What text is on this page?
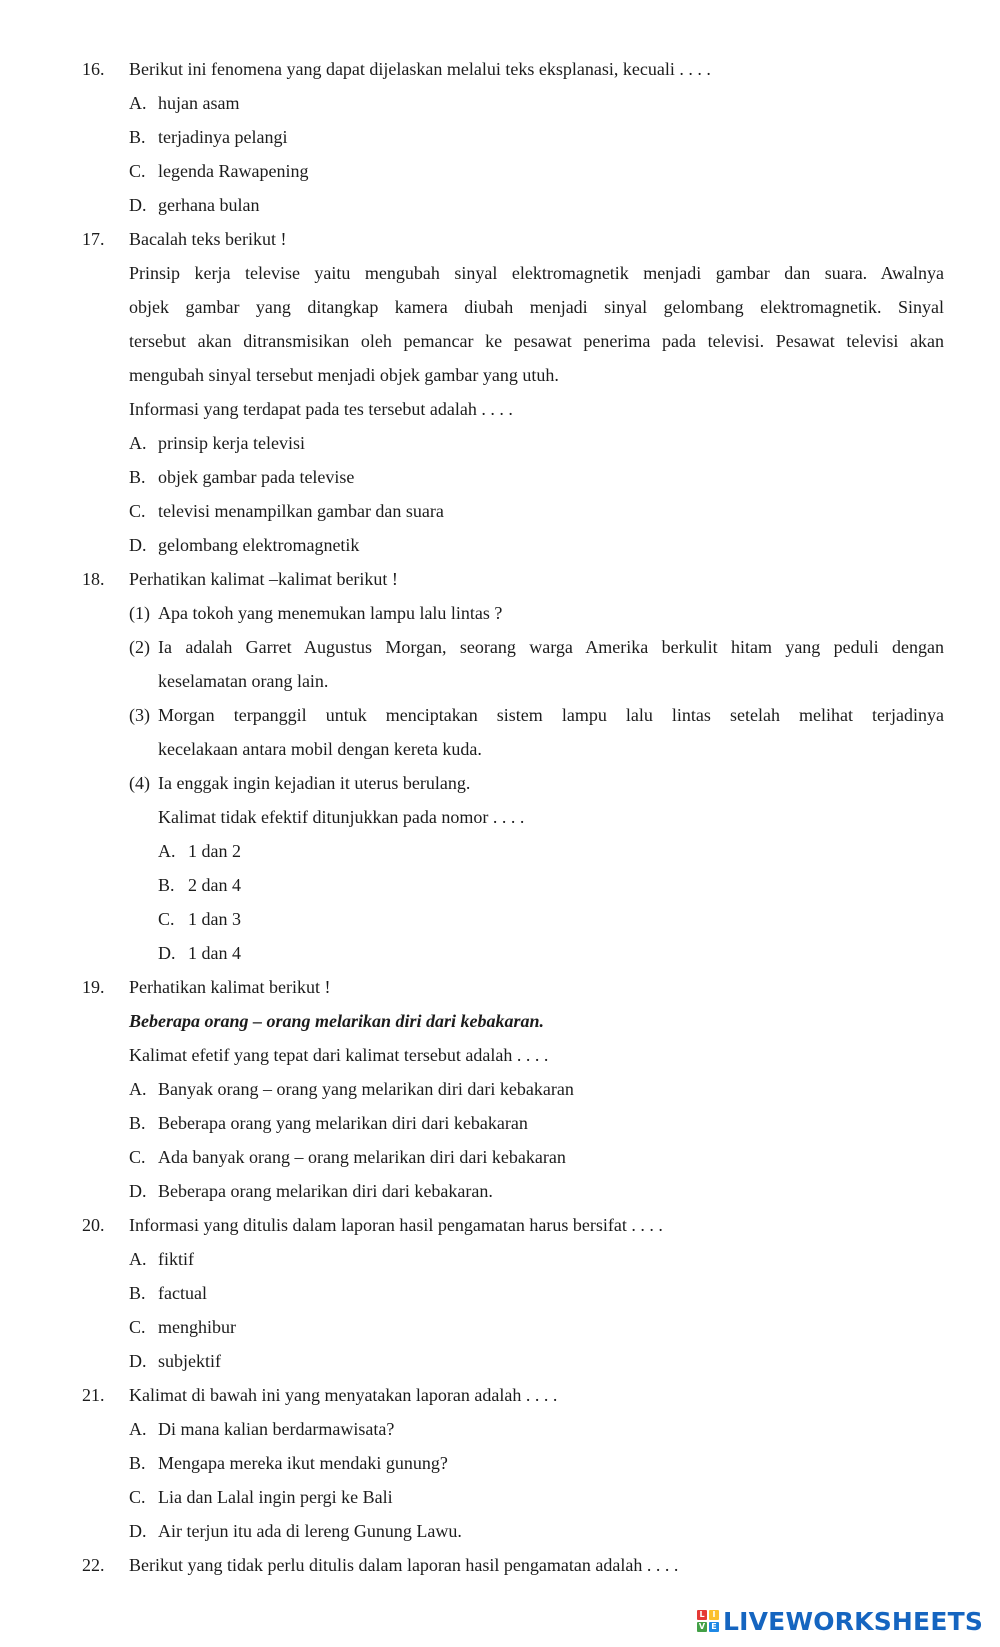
16. Berikut ini fenomena yang dapat dijelaskan melalui teks eksplanasi, kecuali . . . .
A. hujan asam
B. terjadinya pelangi
C. legenda Rawapening
D. gerhana bulan
17. Bacalah teks berikut !
Prinsip kerja televise yaitu mengubah sinyal elektromagnetik menjadi gambar dan suara. Awalnya
objek gambar yang ditangkap kamera diubah menjadi sinyal gelombang elektromagnetik. Sinyal
tersebut akan ditransmisikan oleh pemancar ke pesawat penerima pada televisi. Pesawat televisi akan
mengubah sinyal tersebut menjadi objek gambar yang utuh.
Informasi yang terdapat pada tes tersebut adalah . . . .
A. prinsip kerja televisi
B. objek gambar pada televise
C. televisi menampilkan gambar dan suara
D. gelombang elektromagnetik
18. Perhatikan kalimat –kalimat berikut !
(1) Apa tokoh yang menemukan lampu lalu lintas ?
(2) Ia adalah Garret Augustus Morgan, seorang warga Amerika berkulit hitam yang peduli dengan
keselamatan orang lain.
(3) Morgan terpanggil untuk menciptakan sistem lampu lalu lintas setelah melihat terjadinya
kecelakaan antara mobil dengan kereta kuda.
(4) Ia enggak ingin kejadian it uterus berulang.
Kalimat tidak efektif ditunjukkan pada nomor . . . .
A. 1 dan 2
B. 2 dan 4
C. 1 dan 3
D. 1 dan 4
19. Perhatikan kalimat berikut !
Beberapa orang – orang melarikan diri dari kebakaran.
Kalimat efetif yang tepat dari kalimat tersebut adalah . . . .
A. Banyak orang – orang yang melarikan diri dari kebakaran
B. Beberapa orang yang melarikan diri dari kebakaran
C. Ada banyak orang – orang melarikan diri dari kebakaran
D. Beberapa orang melarikan diri dari kebakaran.
20. Informasi yang ditulis dalam laporan hasil pengamatan harus bersifat . . . .
A. fiktif
B. factual
C. menghibur
D. subjektif
21. Kalimat di bawah ini yang menyatakan laporan adalah . . . .
A. Di mana kalian berdarmawisata?
B. Mengapa mereka ikut mendaki gunung?
C. Lia dan Lalal ingin pergi ke Bali
D. Air terjun itu ada di lereng Gunung Lawu.
22. Berikut yang tidak perlu ditulis dalam laporan hasil pengamatan adalah . . . .
L I
V E LIVEWORKSHEETS
